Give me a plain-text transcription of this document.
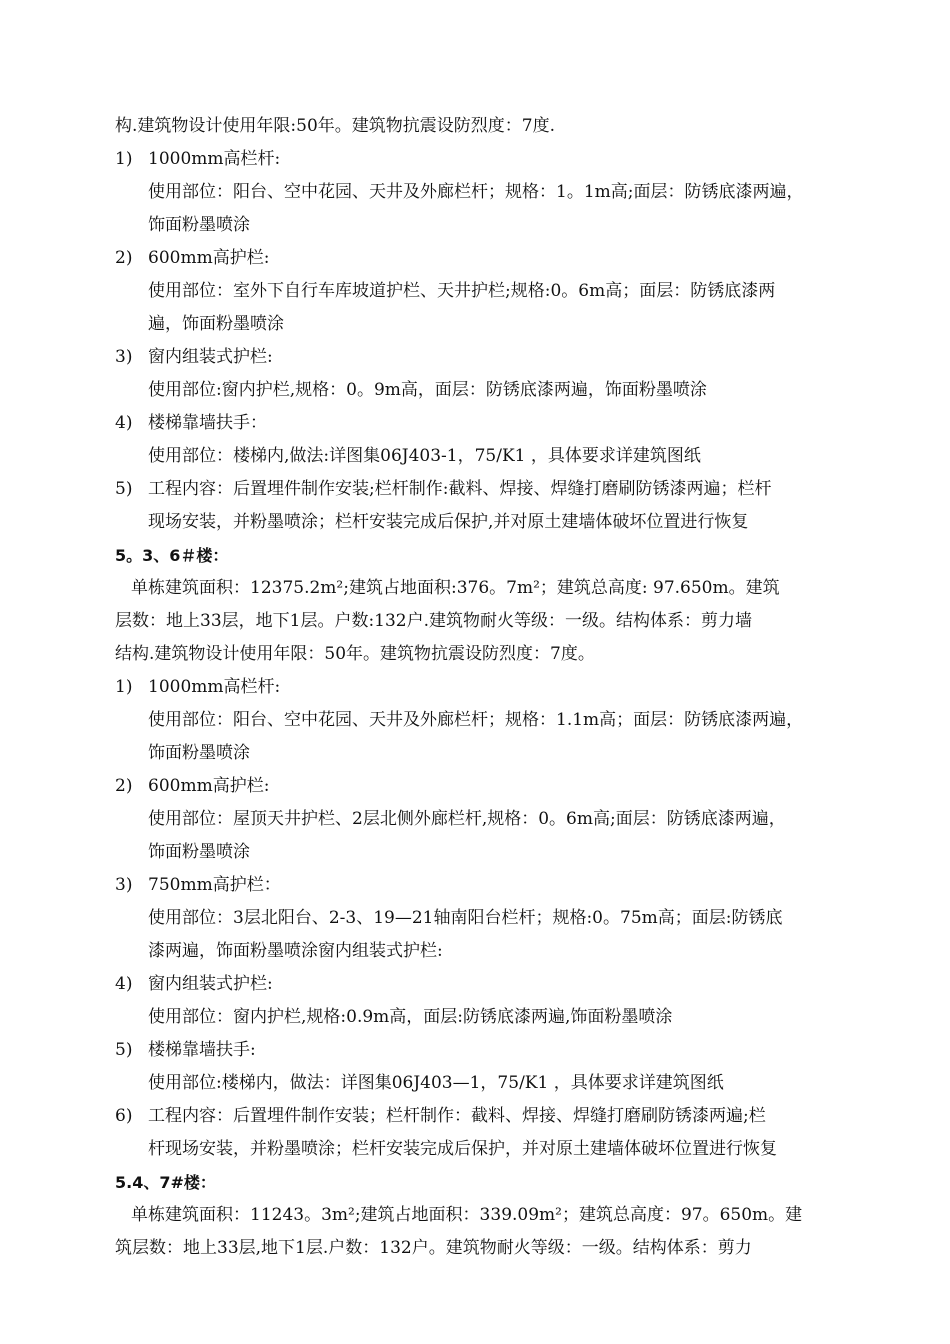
构.建筑物设计使用年限:50年。建筑物抗震设防烈度：7度.
1) 1000mm高栏杆:
使用部位：阳台、空中花园、天井及外廊栏杆；规格：1。1m高;面层：防锈底漆两遍，
饰面粉墨喷涂
2) 600mm高护栏:
使用部位：室外下自行车库坡道护栏、天井护栏;规格:0。6m高；面层：防锈底漆两
遍，饰面粉墨喷涂
3) 窗内组装式护栏:
使用部位:窗内护栏,规格：0。9m高，面层：防锈底漆两遍，饰面粉墨喷涂
4) 楼梯靠墙扶手：
使用部位：楼梯内,做法:详图集06J403-1，75/K1 ，具体要求详建筑图纸
5) 工程内容：后置埋件制作安装;栏杆制作:截料、焊接、焊缝打磨刷防锈漆两遍；栏杆
现场安装，并粉墨喷涂；栏杆安装完成后保护,并对原土建墙体破坏位置进行恢复
5。3、6＃楼：
单栋建筑面积：12375.2m²;建筑占地面积:376。7m²；建筑总高度: 97.650m。建筑
层数：地上33层，地下1层。户数:132户.建筑物耐火等级：一级。结构体系：剪力墙
结构.建筑物设计使用年限：50年。建筑物抗震设防烈度：7度。
1) 1000mm高栏杆:
使用部位：阳台、空中花园、天井及外廊栏杆；规格：1.1m高；面层：防锈底漆两遍，
饰面粉墨喷涂
2) 600mm高护栏:
使用部位：屋顶天井护栏、2层北侧外廊栏杆,规格：0。6m高;面层：防锈底漆两遍，
饰面粉墨喷涂
3) 750mm高护栏：
使用部位：3层北阳台、2-3、19—21轴南阳台栏杆；规格:0。75m高；面层:防锈底
漆两遍，饰面粉墨喷涂窗内组装式护栏:
4) 窗内组装式护栏:
使用部位：窗内护栏,规格:0.9m高，面层:防锈底漆两遍,饰面粉墨喷涂
5) 楼梯靠墙扶手:
使用部位:楼梯内，做法：详图集06J403—1，75/K1 ，具体要求详建筑图纸
6) 工程内容：后置埋件制作安装；栏杆制作：截料、焊接、焊缝打磨刷防锈漆两遍;栏
杆现场安装，并粉墨喷涂；栏杆安装完成后保护，并对原土建墙体破坏位置进行恢复
5.4、7#楼：
单栋建筑面积：11243。3m²;建筑占地面积：339.09m²；建筑总高度：97。650m。建
筑层数：地上33层,地下1层.户数：132户。建筑物耐火等级：一级。结构体系：剪力
